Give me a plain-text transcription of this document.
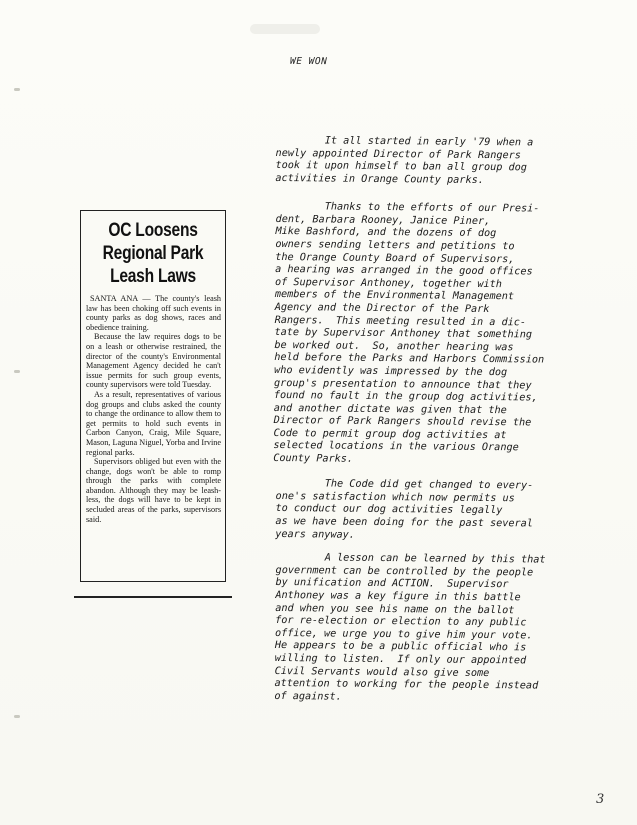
WE WON

It all started in early '79 when a
newly appointed Director of Park Rangers
took it upon himself to ban all group dog
activities in Orange County parks.

Thanks to the efforts of our Presi-
dent, Barbara Rooney, Janice Piner,
Mike Bashford, and the dozens of dog
owners sending letters and petitions to
the Orange County Board of Supervisors,
a hearing was arranged in the good offices
of Supervisor Anthoney, together with
members of the Environmental Management
Agency and the Director of the Park
Rangers.  This meeting resulted in a dic-
tate by Supervisor Anthoney that something
be worked out.  So, another hearing was
held before the Parks and Harbors Commission
who evidently was impressed by the dog
group's presentation to announce that they
found no fault in the group dog activities,
and another dictate was given that the
Director of Park Rangers should revise the
Code to permit group dog activities at
selected locations in the various Orange
County Parks.

The Code did get changed to every-
one's satisfaction which now permits us
to conduct our dog activities legally
as we have been doing for the past several
years anyway.

A lesson can be learned by this that
government can be controlled by the people
by unification and ACTION.  Supervisor
Anthoney was a key figure in this battle
and when you see his name on the ballot
for re-election or election to any public
office, we urge you to give him your vote.
He appears to be a public official who is
willing to listen.  If only our appointed
Civil Servants would also give some
attention to working for the people instead
of against.

OC Loosens Regional Park Leash Laws

SANTA ANA — The county's leash law has been choking off such events in county parks as dog shows, races and obedience training.

Because the law requires dogs to be on a leash or otherwise restrained, the director of the county's Environmental Management Agency decided he can't issue permits for such group events, county supervisors were told Tuesday.

As a result, representatives of various dog groups and clubs asked the county to change the ordinance to allow them to get permits to hold such events in Carbon Canyon, Craig, Mile Square, Mason, Laguna Niguel, Yorba and Irvine regional parks.

Supervisors obliged but even with the change, dogs won't be able to romp through the parks with complete abandon. Although they may be leash-less, the dogs will have to be kept in secluded areas of the parks, supervisors said.

3
